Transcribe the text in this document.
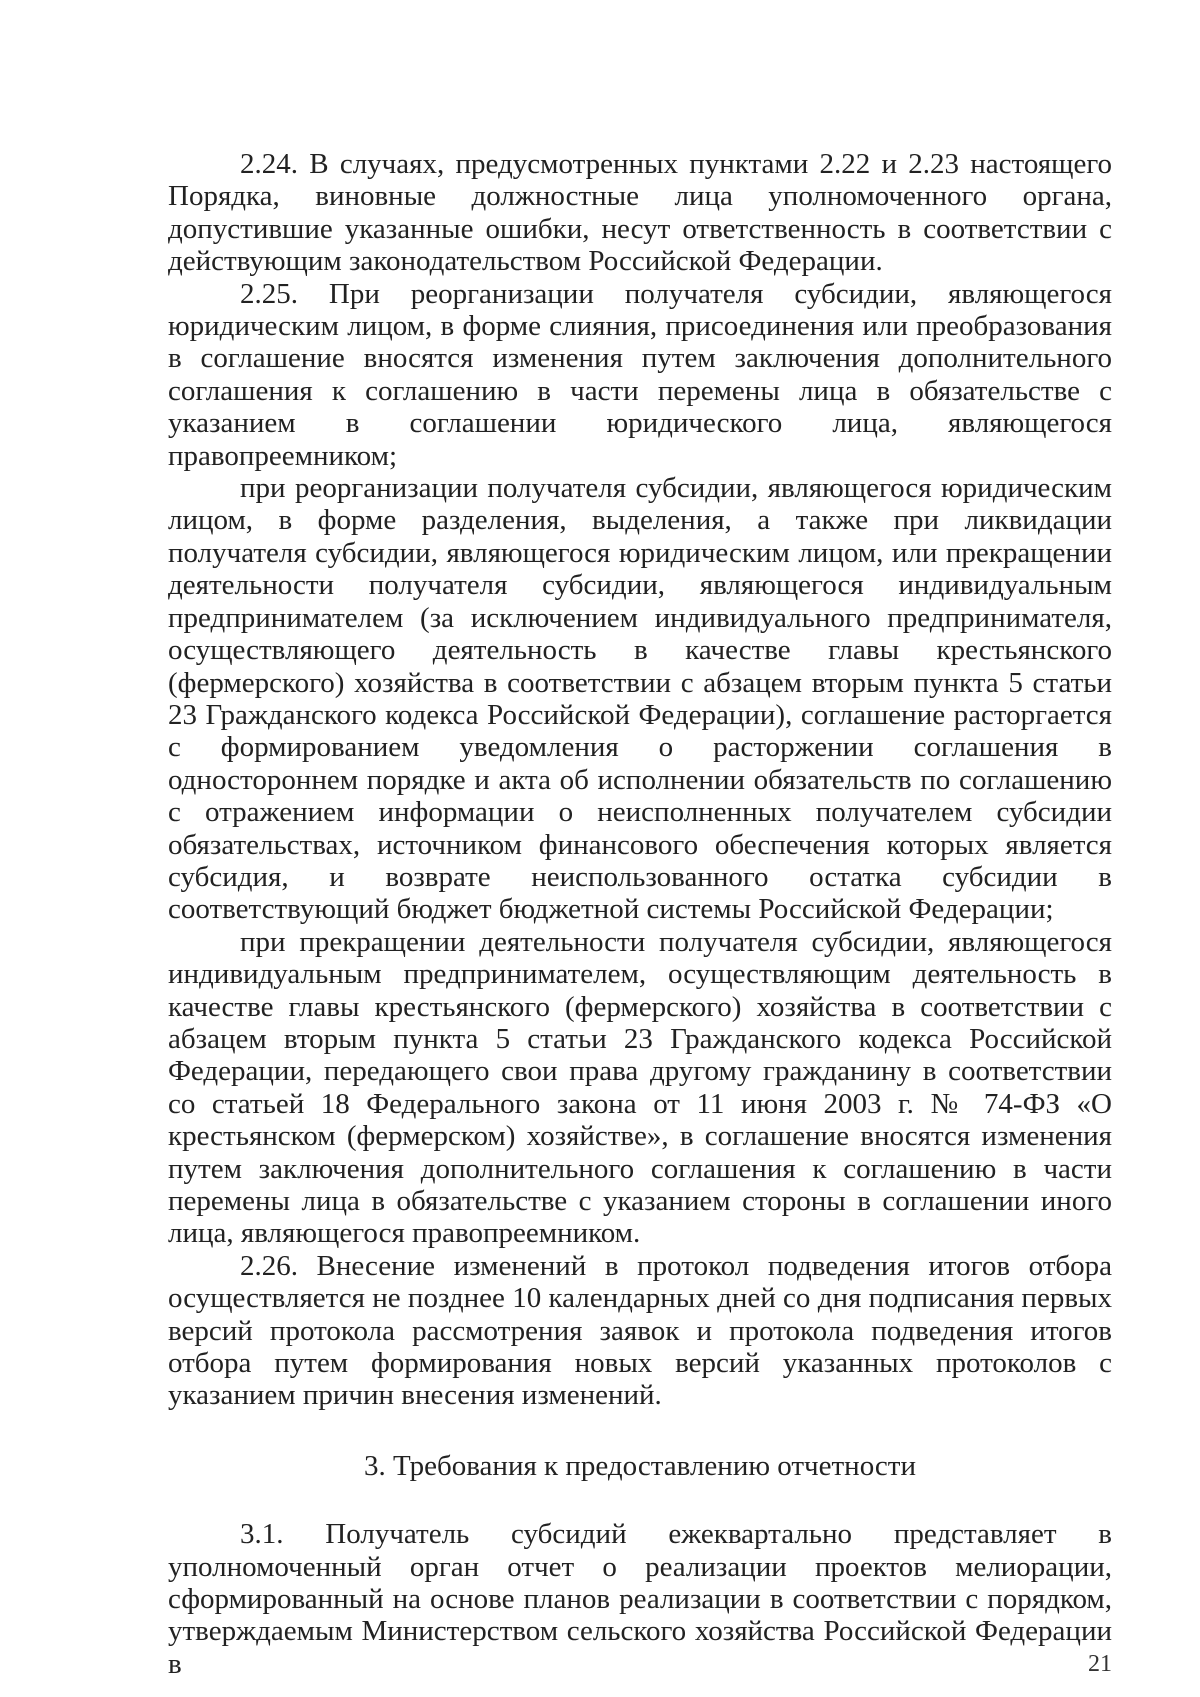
2.24. В случаях, предусмотренных пунктами 2.22 и 2.23 настоящего Порядка, виновные должностные лица уполномоченного органа, допустившие указанные ошибки, несут ответственность в соответствии с действующим законодательством Российской Федерации.

2.25. При реорганизации получателя субсидии, являющегося юридическим лицом, в форме слияния, присоединения или преобразования в соглашение вносятся изменения путем заключения дополнительного соглашения к соглашению в части перемены лица в обязательстве с указанием в соглашении юридического лица, являющегося правопреемником;

при реорганизации получателя субсидии, являющегося юридическим лицом, в форме разделения, выделения, а также при ликвидации получателя субсидии, являющегося юридическим лицом, или прекращении деятельности получателя субсидии, являющегося индивидуальным предпринимателем (за исключением индивидуального предпринимателя, осуществляющего деятельность в качестве главы крестьянского (фермерского) хозяйства в соответствии с абзацем вторым пункта 5 статьи 23 Гражданского кодекса Российской Федерации), соглашение расторгается с формированием уведомления о расторжении соглашения в одностороннем порядке и акта об исполнении обязательств по соглашению с отражением информации о неисполненных получателем субсидии обязательствах, источником финансового обеспечения которых является субсидия, и возврате неиспользованного остатка субсидии в соответствующий бюджет бюджетной системы Российской Федерации;

при прекращении деятельности получателя субсидии, являющегося индивидуальным предпринимателем, осуществляющим деятельность в качестве главы крестьянского (фермерского) хозяйства в соответствии с абзацем вторым пункта 5 статьи 23 Гражданского кодекса Российской Федерации, передающего свои права другому гражданину в соответствии со статьей 18 Федерального закона от 11 июня 2003 г. № 74-ФЗ «О крестьянском (фермерском) хозяйстве», в соглашение вносятся изменения путем заключения дополнительного соглашения к соглашению в части перемены лица в обязательстве с указанием стороны в соглашении иного лица, являющегося правопреемником.

2.26. Внесение изменений в протокол подведения итогов отбора осуществляется не позднее 10 календарных дней со дня подписания первых версий протокола рассмотрения заявок и протокола подведения итогов отбора путем формирования новых версий указанных протоколов с указанием причин внесения изменений.

3. Требования к предоставлению отчетности

3.1. Получатель субсидий ежеквартально представляет в уполномоченный орган отчет о реализации проектов мелиорации, сформированный на основе планов реализации в соответствии с порядком, утверждаемым Министерством сельского хозяйства Российской Федерации в	21
